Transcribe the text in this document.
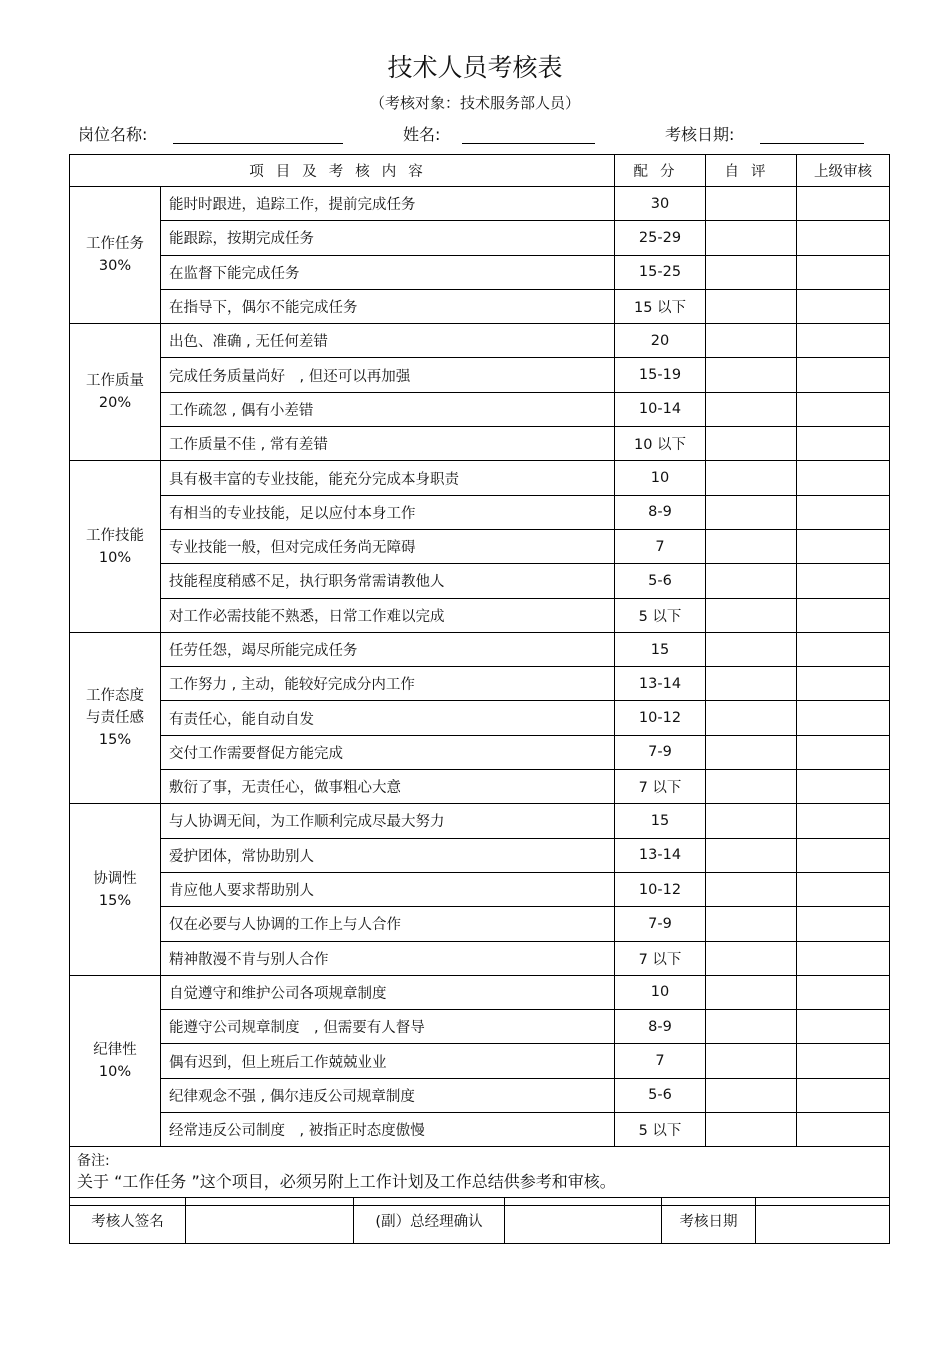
技术人员考核表
（考核对象：技术服务部人员）
岗位名称:	姓名:	考核日期:
项目及考核内容		配分	自评	上级审核

工作任务
30%	能时时跟进，追踪工作，提前完成任务	30		
	能跟踪，按期完成任务	25-29		
	在监督下能完成任务	15-25		
	在指导下，偶尔不能完成任务	15 以下		

工作质量
20%	出色、准确 , 无任何差错	20		
	完成任务质量尚好　, 但还可以再加强	15-19		
	工作疏忽 , 偶有小差错	10-14		
	工作质量不佳 , 常有差错	10 以下		

工作技能
10%	具有极丰富的专业技能，能充分完成本身职责	10		
	有相当的专业技能，足以应付本身工作	8-9		
	专业技能一般，但对完成任务尚无障碍	7		
	技能程度稍感不足，执行职务常需请教他人	5-6		
	对工作必需技能不熟悉，日常工作难以完成	5 以下		

工作态度
与责任感
15%	任劳任怨，竭尽所能完成任务	15		
	工作努力 , 主动，能较好完成分内工作	13-14		
	有责任心，能自动自发	10-12		
	交付工作需要督促方能完成	7-9		
	敷衍了事，无责任心，做事粗心大意	7 以下		

协调性
15%	与人协调无间，为工作顺利完成尽最大努力	15		
	爱护团体，常协助别人	13-14		
	肯应他人要求帮助别人	10-12		
	仅在必要与人协调的工作上与人合作	7-9		
	精神散漫不肯与别人合作	7 以下		

纪律性
10%	自觉遵守和维护公司各项规章制度	10		
	能遵守公司规章制度　, 但需要有人督导	8-9		
	偶有迟到，但上班后工作兢兢业业	7		
	纪律观念不强 , 偶尔违反公司规章制度	5-6		
	经常违反公司制度　, 被指正时态度傲慢	5 以下		

备注:
关于 “工作任务 ”这个项目，必须另附上工作计划及工作总结供参考和审核。				
考核人签名		(副）总经理确认		考核日期	
